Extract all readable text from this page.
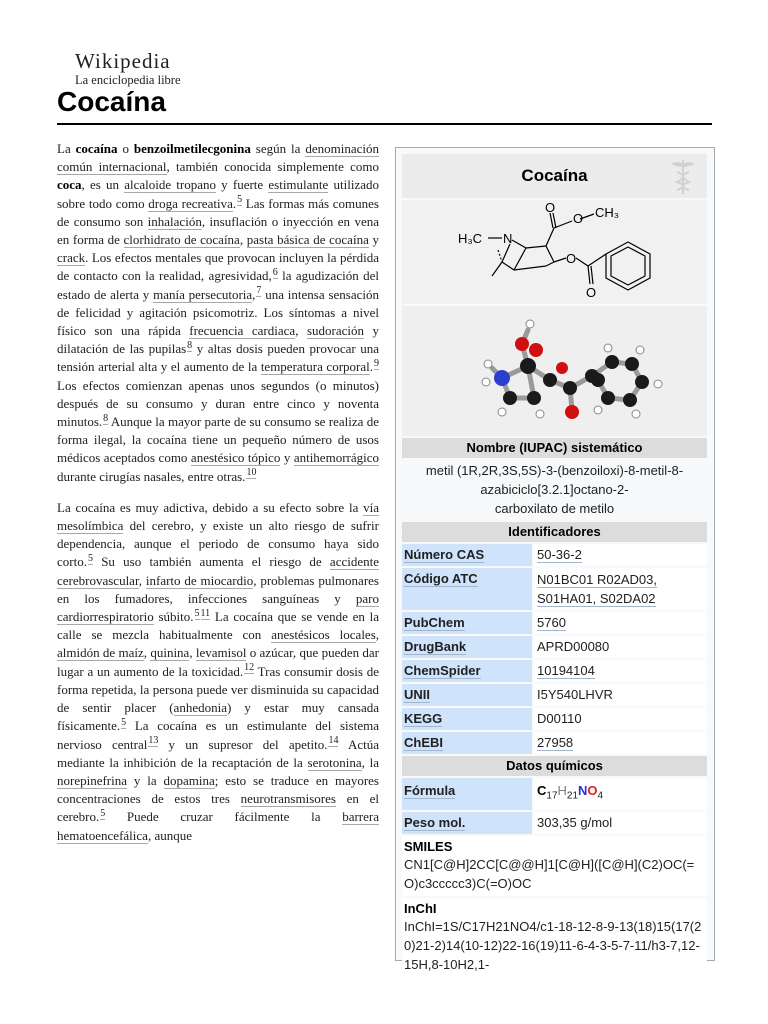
Wikipedia
La enciclopedia libre
Cocaína

La cocaína o benzoilmetilecgonina según la denominación común internacional, también conocida simplemente como coca, es un alcaloide tropano y fuerte estimulante utilizado sobre todo como droga recreativa.$^5$ Las formas más comunes de consumo son inhalación, insuflación o inyección en vena en forma de clorhidrato de cocaína, pasta básica de cocaína y crack. Los efectos mentales que provocan incluyen la pérdida de contacto con la realidad, agresividad,$^6$ la agudización del estado de alerta y manía persecutoria,$^7$ una intensa sensación de felicidad y agitación psicomotriz. Los síntomas a nivel físico son una rápida frecuencia cardiaca, sudoración y dilatación de las pupilas$^8$ y altas dosis pueden provocar una tensión arterial alta y el aumento de la temperatura corporal.$^9$ Los efectos comienzan apenas unos segundos (o minutos) después de su consumo y duran entre cinco y noventa minutos.$^8$ Aunque la mayor parte de su consumo se realiza de forma ilegal, la cocaína tiene un pequeño número de usos médicos aceptados como anestésico tópico y antihemorrágico durante cirugías nasales, entre otras.$^{10}$

La cocaína es muy adictiva, debido a su efecto sobre la vía mesolímbica del cerebro, y existe un alto riesgo de sufrir dependencia, aunque el periodo de consumo haya sido corto.$^5$ Su uso también aumenta el riesgo de accidente cerebrovascular, infarto de miocardio, problemas pulmonares en los fumadores, infecciones sanguíneas y paro cardiorrespiratorio súbito.$^{511}$ La cocaína que se vende en la calle se mezcla habitualmente con anestésicos locales, almidón de maíz, quinina, levamisol o azúcar, que pueden dar lugar a un aumento de la toxicidad.$^{12}$ Tras consumir dosis de forma repetida, la persona puede ver disminuida su capacidad de sentir placer (anhedonia) y estar muy cansada físicamente.$^5$ La cocaína es un estimulante del sistema nervioso central$^{13}$ y un supresor del apetito.$^{14}$ Actúa mediante la inhibición de la recaptación de la serotonina, la norepinefrina y la dopamina; esto se traduce en mayores concentraciones de estos tres neurotransmisores en el cerebro.$^5$ Puede cruzar fácilmente la barrera hematoencefálica, aunque

Cocaína
H₃C N
O
O CH₃
O
O
Nombre (IUPAC) sistemático
metil (1R,2R,3S,5S)-3-(benzoiloxi)-8-metil-8-
azabiciclo[3.2.1]octano-2-
carboxilato de metilo
Identificadores
Número CAS	50-36-2
Código ATC	N01BC01 R02AD03, S01HA01, S02DA02
PubChem	5760
DrugBank	APRD00080
ChemSpider	10194104
UNII	I5Y540LHVR
KEGG	D00110
ChEBI	27958
Datos químicos
Fórmula	$C_{17}H_{21}NO_4$
Peso mol.	303,35 g/mol
SMILES
CN1[C@H]2CC[C@@H]1[C@H]([C@H](C2)OC(=O)c3ccccc3)C(=O)OC
InChI
InChI=1S/C17H21NO4/c1-18-12-8-9-13(18)15(17(20)21-2)14(10-12)22-16(19)11-6-4-3-5-7-11/h3-7,12-15H,8-10H2,1-
